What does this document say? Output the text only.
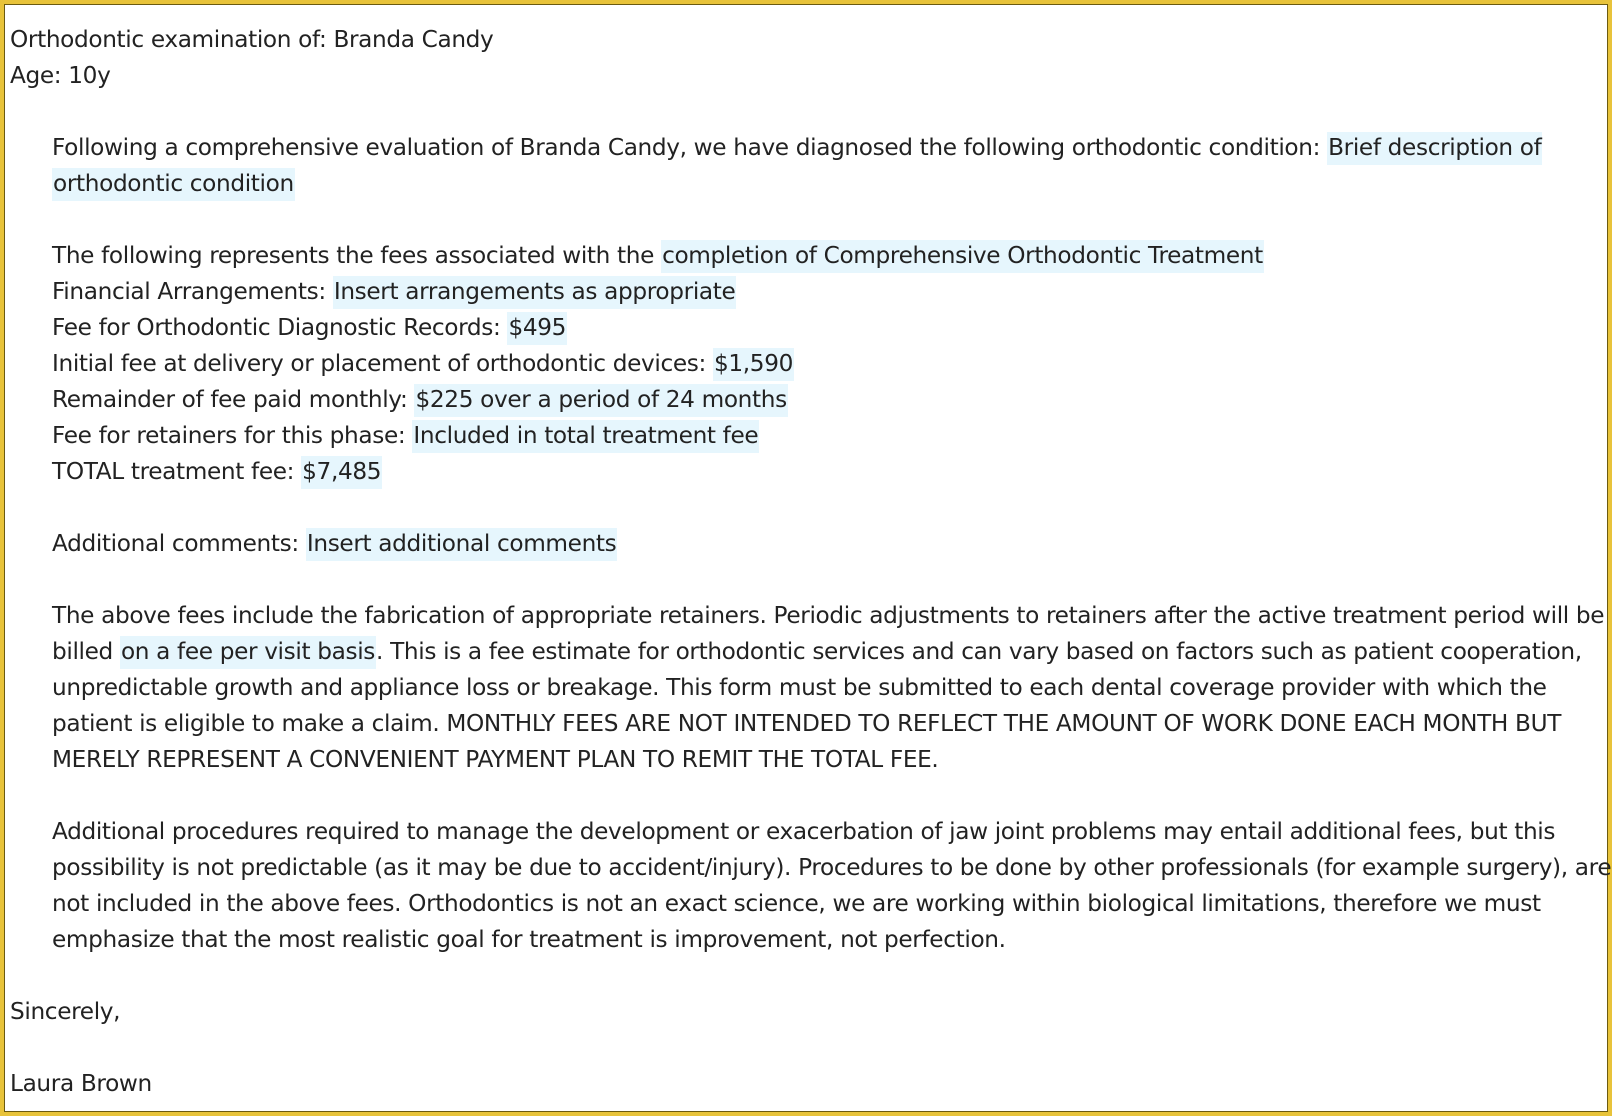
Orthodontic examination of: Branda Candy
Age: 10y
Following a comprehensive evaluation of Branda Candy, we have diagnosed the following orthodontic condition: Brief description of
orthodontic condition
The following represents the fees associated with the completion of Comprehensive Orthodontic Treatment
Financial Arrangements: Insert arrangements as appropriate
Fee for Orthodontic Diagnostic Records: $495
Initial fee at delivery or placement of orthodontic devices: $1,590
Remainder of fee paid monthly: $225 over a period of 24 months
Fee for retainers for this phase: Included in total treatment fee
TOTAL treatment fee: $7,485
Additional comments: Insert additional comments
The above fees include the fabrication of appropriate retainers. Periodic adjustments to retainers after the active treatment period will be
billed on a fee per visit basis. This is a fee estimate for orthodontic services and can vary based on factors such as patient cooperation,
unpredictable growth and appliance loss or breakage. This form must be submitted to each dental coverage provider with which the
patient is eligible to make a claim. MONTHLY FEES ARE NOT INTENDED TO REFLECT THE AMOUNT OF WORK DONE EACH MONTH BUT
MERELY REPRESENT A CONVENIENT PAYMENT PLAN TO REMIT THE TOTAL FEE.
Additional procedures required to manage the development or exacerbation of jaw joint problems may entail additional fees, but this
possibility is not predictable (as it may be due to accident/injury). Procedures to be done by other professionals (for example surgery), are
not included in the above fees. Orthodontics is not an exact science, we are working within biological limitations, therefore we must
emphasize that the most realistic goal for treatment is improvement, not perfection.
Sincerely,
Laura Brown
